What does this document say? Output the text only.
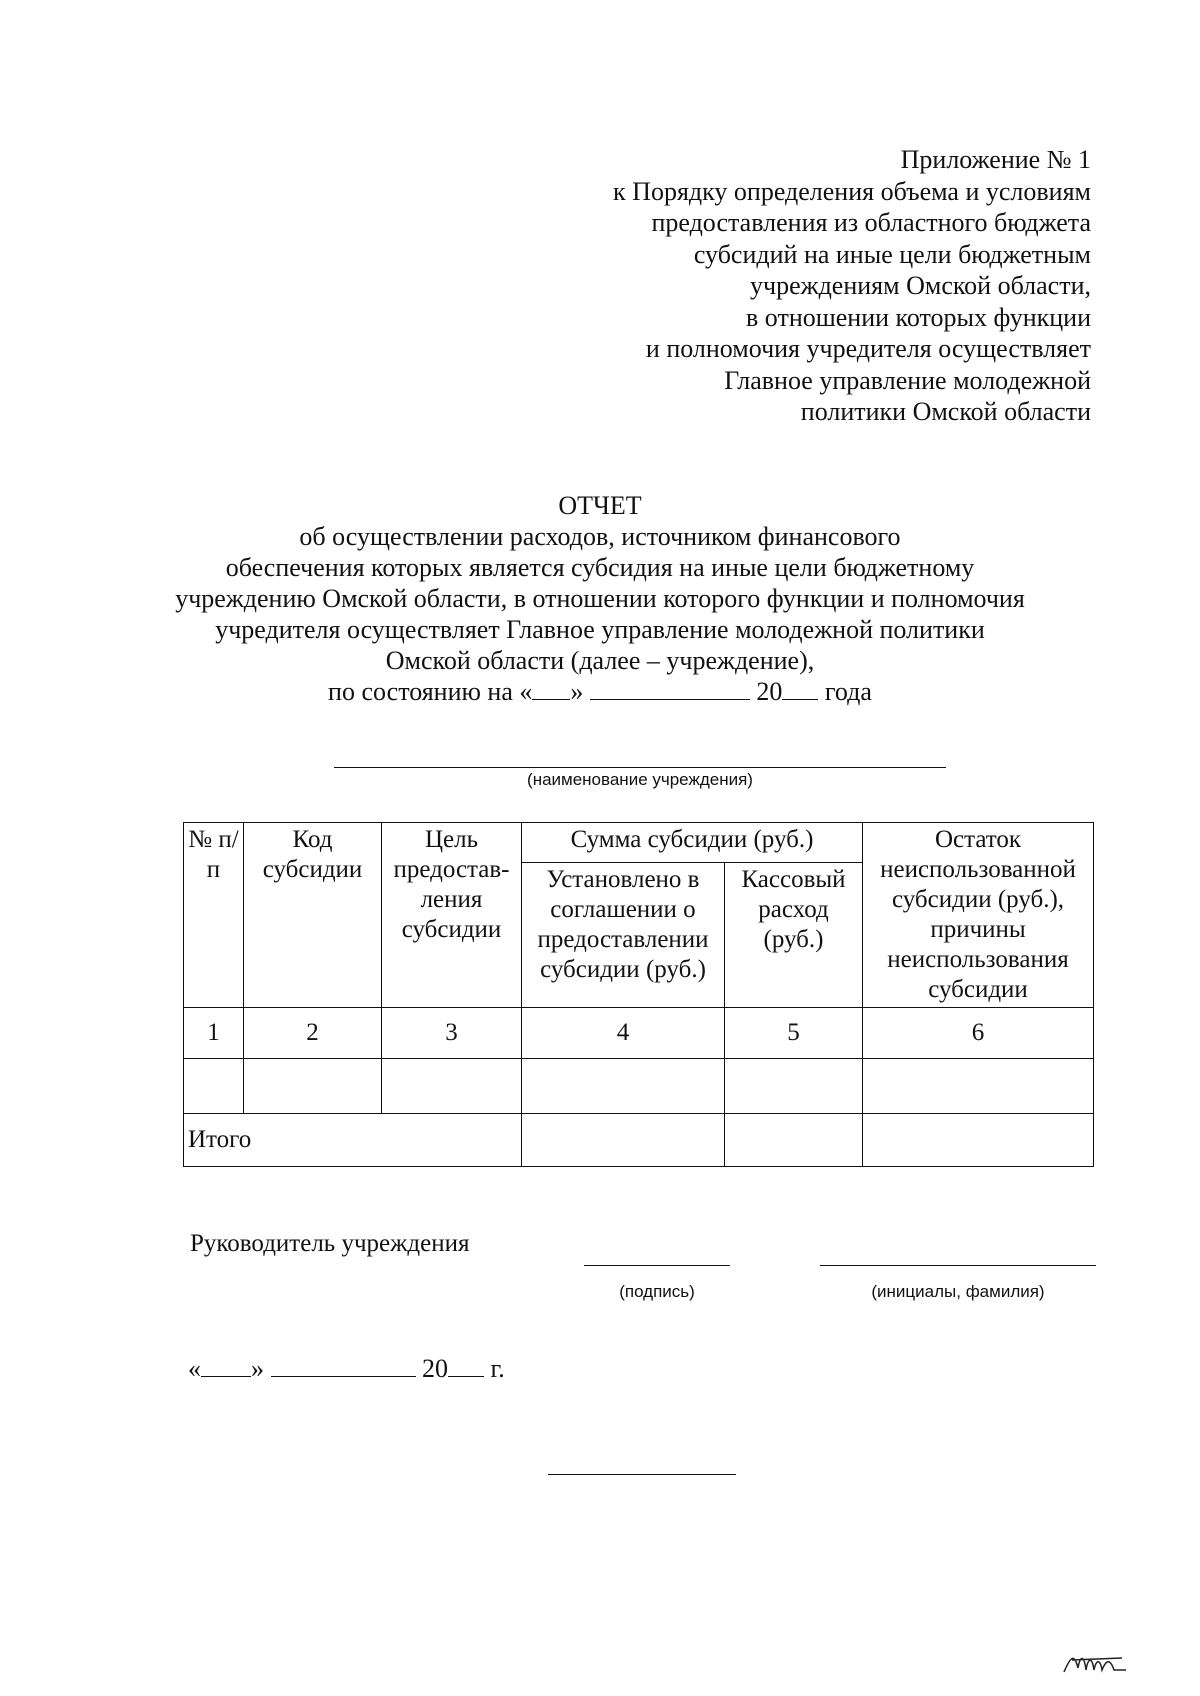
Приложение № 1
к Порядку определения объема и условиям
предоставления из областного бюджета
субсидий на иные цели бюджетным
учреждениям Омской области,
в отношении которых функции
и полномочия учредителя осуществляет
Главное управление молодежной
политики Омской области
ОТЧЕТ
об осуществлении расходов, источником финансового
обеспечения которых является субсидия на иные цели бюджетному
учреждению Омской области, в отношении которого функции и полномочия
учредителя осуществляет Главное управление молодежной политики
Омской области (далее – учреждение),
по состоянию на « »	20 года
(наименование учреждения)
№ п/п	Код субсидии	Цель предостав-ления субсидии	Сумма субсидии (руб.)		Остаток неиспользованной субсидии (руб.), причины неиспользования субсидии
			Установлено в соглашении о предоставлении субсидии (руб.)	Кассовый расход (руб.)	
1	2	3	4	5	6

Итого					
Руководитель учреждения
(подпись)	(инициалы, фамилия)
« »	20 г.
